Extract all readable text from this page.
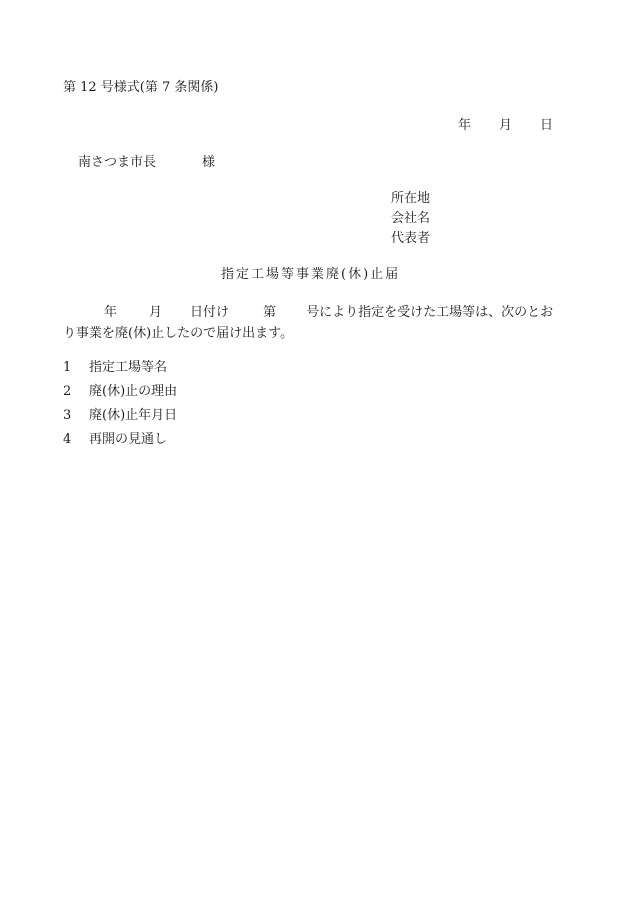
第 12 号様式(第 7 条関係)
年 月 日
南さつま市長	様
所在地
会社名
代表者
指定工場等事業廃(休)止届
年 月 日付け	第 号により指定を受けた工場等は、次のとお
り事業を廃(休)止したので届け出ます。
1 指定工場等名
2 廃(休)止の理由
3 廃(休)止年月日
4 再開の見通し
